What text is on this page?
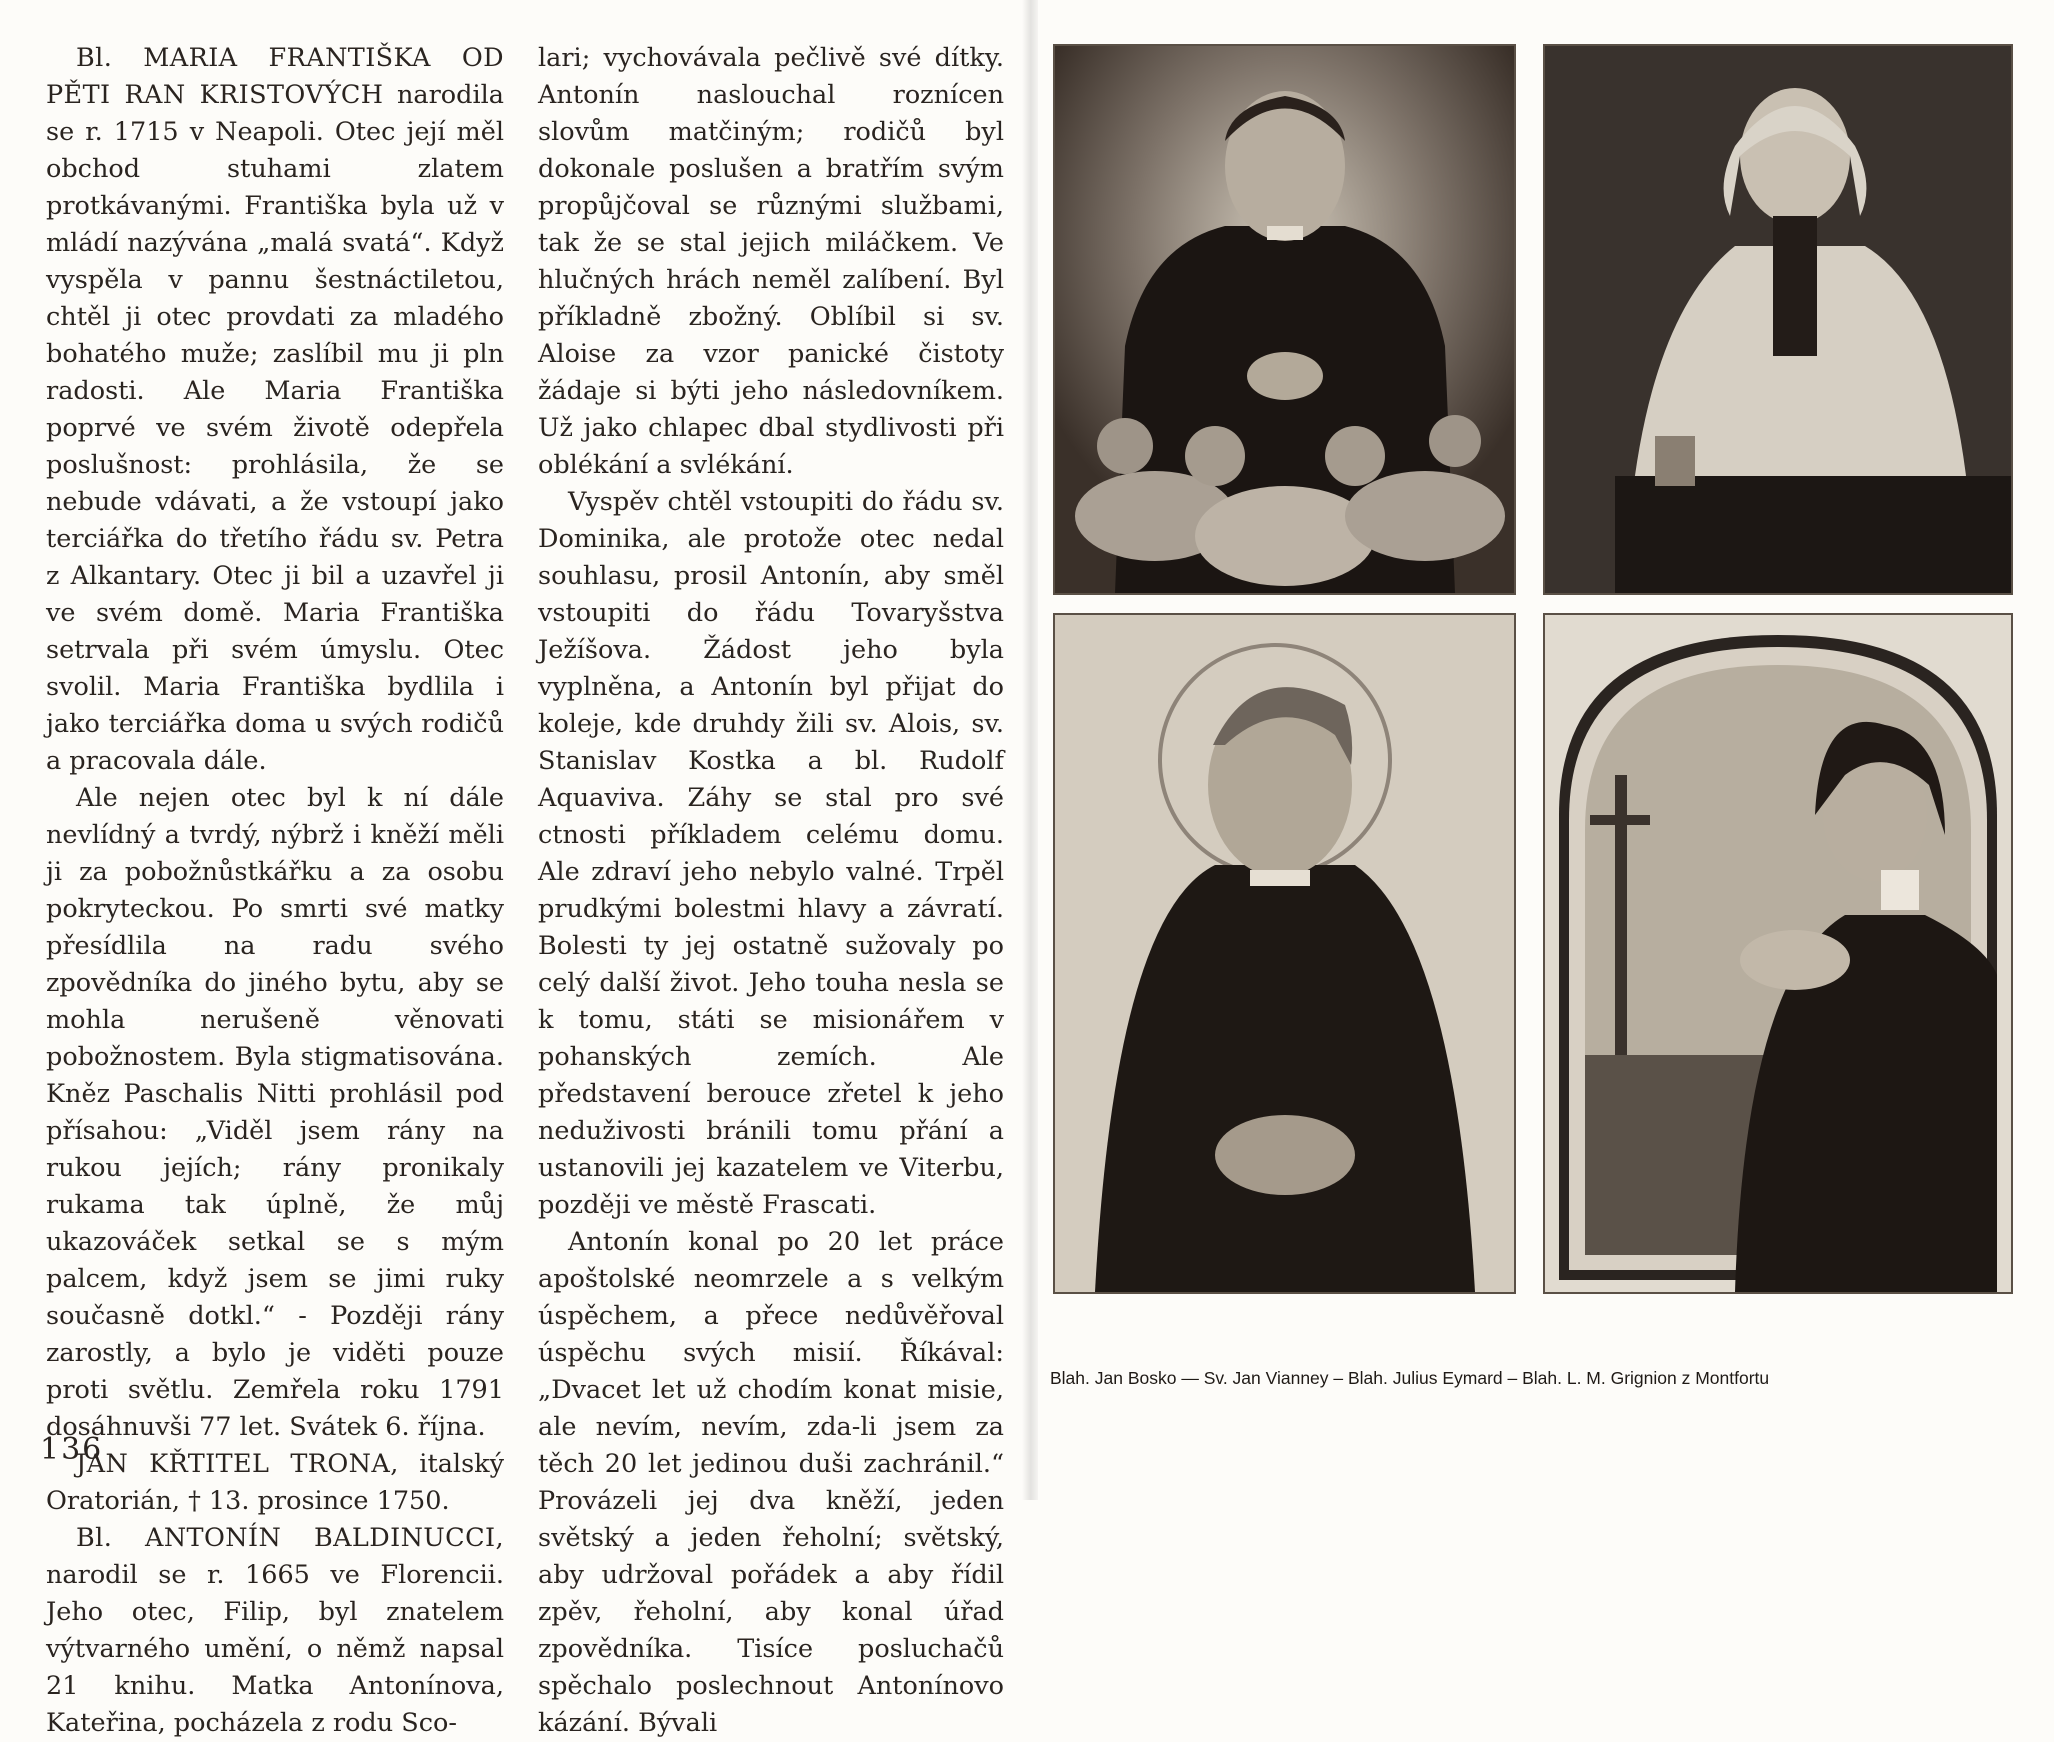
Bl. MARIA FRANTIŠKA OD PĚTI RAN KRISTOVÝCH narodila se r. 1715 v Neapoli. Otec její měl obchod stuhami zlatem protkávanými. Františka byla už v mládí nazývána „malá svatá“. Když vyspěla v pannu šestnáctiletou, chtěl ji otec provdati za mladého bohatého muže; zaslíbil mu ji pln radosti. Ale Maria Františka poprvé ve svém životě odepřela poslušnost: prohlásila, že se nebude vdávati, a že vstoupí jako terciářka do třetího řádu sv. Petra z Alkantary. Otec ji bil a uzavřel ji ve svém domě. Maria Františka setrvala při svém úmyslu. Otec svolil. Maria Františka bydlila i jako terciářka doma u svých rodičů a pracovala dále.

Ale nejen otec byl k ní dále nevlídný a tvrdý, nýbrž i kněží měli ji za pobožnůstkářku a za osobu pokryteckou. Po smrti své matky přesídlila na radu svého zpovědníka do jiného bytu, aby se mohla nerušeně věnovati pobožnostem. Byla stigmatisována. Kněz Paschalis Nitti prohlásil pod přísahou: „Viděl jsem rány na rukou jejích; rány pronikaly rukama tak úplně, že můj ukazováček setkal se s mým palcem, když jsem se jimi ruky současně dotkl.“ - Později rány zarostly, a bylo je viděti pouze proti světlu. Zemřela roku 1791 dosáhnuvši 77 let. Svátek 6. října.

JAN KŘTITEL TRONA, italský Oratorián, † 13. prosince 1750.

Bl. ANTONÍN BALDINUCCI, narodil se r. 1665 ve Florencii. Jeho otec, Filip, byl znatelem výtvarného umění, o němž napsal 21 knihu. Matka Antonínova, Kateřina, pocházela z rodu Sco-

136

lari; vychovávala pečlivě své dítky. Antonín naslouchal roznícen slovům matčiným; rodičů byl dokonale poslušen a bratřím svým propůjčoval se různými službami, tak že se stal jejich miláčkem. Ve hlučných hrách neměl zalíbení. Byl příkladně zbožný. Oblíbil si sv. Aloise za vzor panické čistoty žádaje si býti jeho následovníkem. Už jako chlapec dbal stydlivosti při oblékání a svlékání.

Vyspěv chtěl vstoupiti do řádu sv. Dominika, ale protože otec nedal souhlasu, prosil Antonín, aby směl vstoupiti do řádu Tovaryšstva Ježíšova. Žádost jeho byla vyplněna, a Antonín byl přijat do koleje, kde druhdy žili sv. Alois, sv. Stanislav Kostka a bl. Rudolf Aquaviva. Záhy se stal pro své ctnosti příkladem celému domu. Ale zdraví jeho nebylo valné. Trpěl prudkými bolestmi hlavy a závratí. Bolesti ty jej ostatně sužovaly po celý další život. Jeho touha nesla se k tomu, státi se misionářem v pohanských zemích. Ale představení berouce zřetel k jeho neduživosti bránili tomu přání a ustanovili jej kazatelem ve Viterbu, později ve městě Frascati.

Antonín konal po 20 let práce apoštolské neomrzele a s velkým úspěchem, a přece nedůvěřoval úspěchu svých misií. Říkával: „Dvacet let už chodím konat misie, ale nevím, nevím, zda-li jsem za těch 20 let jedinou duši zachránil.“ Provázeli jej dva kněží, jeden světský a jeden řeholní; světský, aby udržoval pořádek a aby řídil zpěv, řeholní, aby konal úřad zpovědníka. Tisíce posluchačů spěchalo poslechnout Antonínovo kázání. Bývali

Blah. Jan Bosko — Sv. Jan Vianney – Blah. Julius Eymard – Blah. L. M. Grignion z Montfortu
